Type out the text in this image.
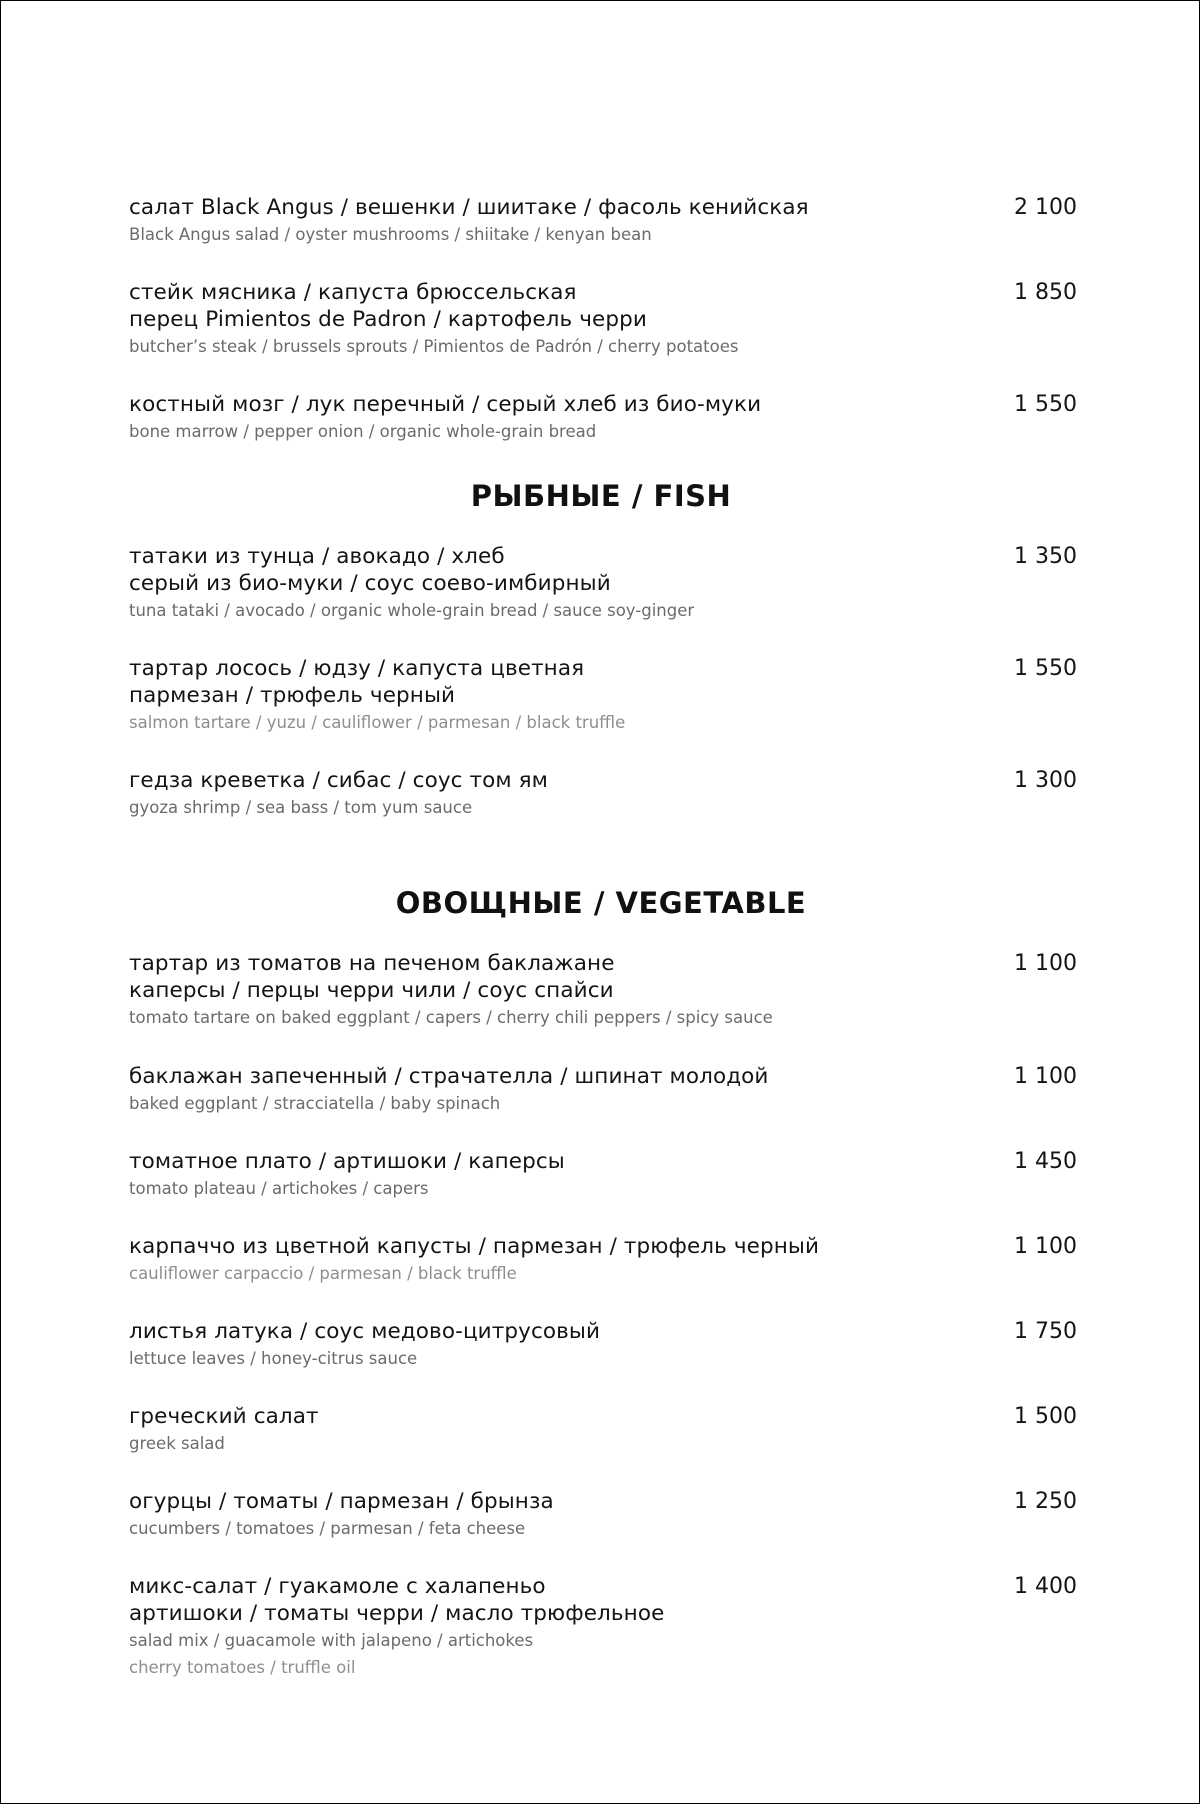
салат Black Angus / вешенки / шиитаке / фасоль кенийская
Black Angus salad / oyster mushrooms / shiitake / kenyan bean
2 100
стейк мясника / капуста брюссельская
перец Pimientos de Padron / картофель черри
butcher’s steak / brussels sprouts / Pimientos de Padrón / cherry potatoes
1 850
костный мозг / лук перечный / серый хлеб из био-муки
bone marrow / pepper onion / organic whole-grain bread
1 550
РЫБНЫЕ / FISH
татаки из тунца / авокадо / хлеб
серый из био-муки / соус соево-имбирный
tuna tataki / avocado / organic whole-grain bread / sauce soy-ginger
1 350
тартар лосось / юдзу / капуста цветная
пармезан / трюфель черный
salmon tartare / yuzu / cauliflower / parmesan / black truffle
1 550
гедза креветка / сибас / соус том ям
gyoza shrimp / sea bass / tom yum sauce
1 300
ОВОЩНЫЕ / VEGETABLE
тартар из томатов на печеном баклажане
каперсы / перцы черри чили / соус спайси
tomato tartare on baked eggplant / capers / cherry chili peppers / spicy sauce
1 100
баклажан запеченный / страчателла / шпинат молодой
baked eggplant / stracciatella / baby spinach
1 100
томатное плато / артишоки / каперсы
tomato plateau / artichokes / capers
1 450
карпаччо из цветной капусты / пармезан / трюфель черный
cauliflower carpaccio / parmesan / black truffle
1 100
листья латука / соус медово-цитрусовый
lettuce leaves / honey-citrus sauce
1 750
греческий салат
greek salad
1 500
огурцы / томаты / пармезан / брынза
cucumbers / tomatoes / parmesan / feta cheese
1 250
микс-салат / гуакамоле с халапеньо
артишоки / томаты черри / масло трюфельное
salad mix / guacamole with jalapeno / artichokes
cherry tomatoes / truffle oil
1 400
